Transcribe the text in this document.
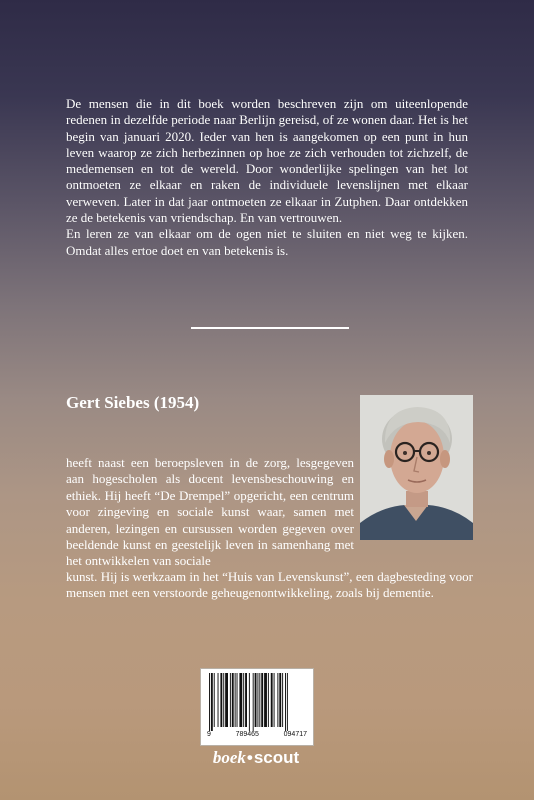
De mensen die in dit boek worden beschreven zijn om uiteenlopende redenen in dezelfde periode naar Berlijn gereisd, of ze wonen daar. Het is het begin van januari 2020. Ieder van hen is aangekomen op een punt in hun leven waarop ze zich herbezinnen op hoe ze zich verhouden tot zichzelf, de medemensen en tot de wereld. Door wonderlijke spelingen van het lot ontmoeten ze elkaar en raken de individuele levenslijnen met elkaar verweven. Later in dat jaar ontmoeten ze elkaar in Zutphen. Daar ontdekken ze de betekenis van vriendschap. En van vertrouwen.

En leren ze van elkaar om de ogen niet te sluiten en niet weg te kijken. Omdat alles ertoe doet en van betekenis is.

Gert Siebes (1954)

heeft naast een beroepsleven in de zorg, lesgegeven aan hogescholen als docent levensbeschouwing en ethiek. Hij heeft “De Drempel” opgericht, een centrum voor zingeving en sociale kunst waar, samen met anderen, lezingen en cursussen worden gegeven over beeldende kunst en geestelijk leven in samenhang met het ontwikkelen van sociale

kunst. Hij is werkzaam in het “Huis van Levenskunst”, een dagbesteding voor mensen met een verstoorde geheugenontwikkeling, zoals bij dementie.

9	789465	094717
boek•scout
